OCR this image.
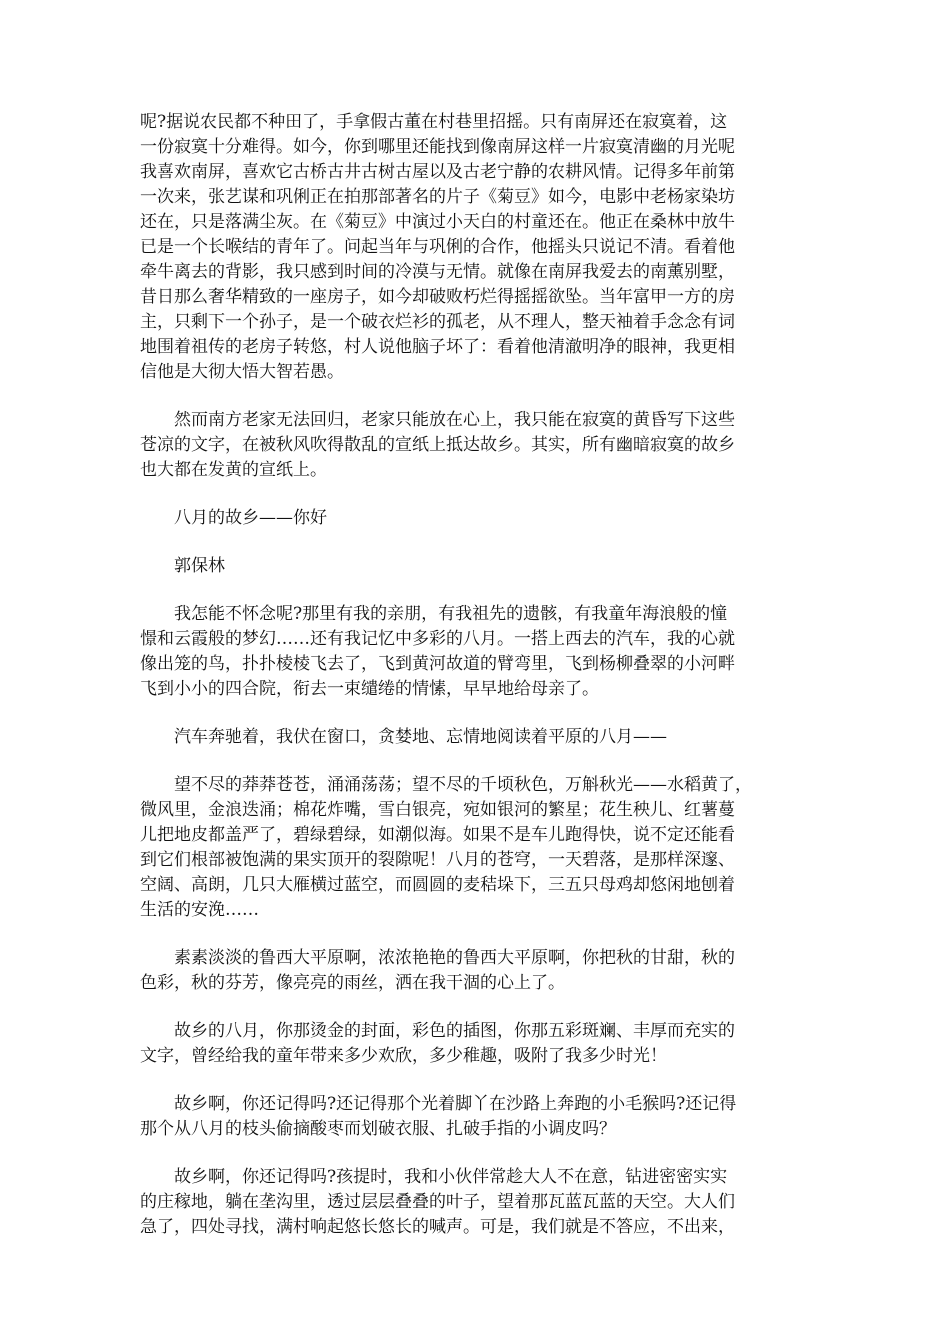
呢?据说农民都不种田了，手拿假古董在村巷里招摇。只有南屏还在寂寞着，这
一份寂寞十分难得。如今，你到哪里还能找到像南屏这样一片寂寞清幽的月光呢
我喜欢南屏，喜欢它古桥古井古树古屋以及古老宁静的农耕风情。记得多年前第
一次来，张艺谋和巩俐正在拍那部著名的片子《菊豆》如今，电影中老杨家染坊
还在，只是落满尘灰。在《菊豆》中演过小天白的村童还在。他正在桑林中放牛
已是一个长喉结的青年了。问起当年与巩俐的合作，他摇头只说记不清。看着他
牵牛离去的背影，我只感到时间的冷漠与无情。就像在南屏我爱去的南薰别墅，
昔日那么奢华精致的一座房子，如今却破败朽烂得摇摇欲坠。当年富甲一方的房
主，只剩下一个孙子，是一个破衣烂衫的孤老，从不理人，整天袖着手念念有词
地围着祖传的老房子转悠，村人说他脑子坏了：看着他清澈明净的眼神，我更相
信他是大彻大悟大智若愚。

然而南方老家无法回归，老家只能放在心上，我只能在寂寞的黄昏写下这些
苍凉的文字，在被秋风吹得散乱的宣纸上抵达故乡。其实，所有幽暗寂寞的故乡
也大都在发黄的宣纸上。

八月的故乡——你好

郭保林

我怎能不怀念呢?那里有我的亲朋，有我祖先的遗骸，有我童年海浪般的憧
憬和云霞般的梦幻……还有我记忆中多彩的八月。一搭上西去的汽车，我的心就
像出笼的鸟，扑扑棱棱飞去了，飞到黄河故道的臂弯里，飞到杨柳叠翠的小河畔
飞到小小的四合院，衔去一束缱绻的情愫，早早地给母亲了。

汽车奔驰着，我伏在窗口，贪婪地、忘情地阅读着平原的八月——

望不尽的莽莽苍苍，涌涌荡荡；望不尽的千顷秋色，万斛秋光——水稻黄了，
微风里，金浪迭涌；棉花炸嘴，雪白银亮，宛如银河的繁星；花生秧儿、红薯蔓
儿把地皮都盖严了，碧绿碧绿，如潮似海。如果不是车儿跑得快，说不定还能看
到它们根部被饱满的果实顶开的裂隙呢！八月的苍穹，一天碧落，是那样深邃、
空阔、高朗，几只大雁横过蓝空，而圆圆的麦秸垛下，三五只母鸡却悠闲地刨着
生活的安浼……

素素淡淡的鲁西大平原啊，浓浓艳艳的鲁西大平原啊，你把秋的甘甜，秋的
色彩，秋的芬芳，像亮亮的雨丝，洒在我干涸的心上了。

故乡的八月，你那烫金的封面，彩色的插图，你那五彩斑斓、丰厚而充实的
文字，曾经给我的童年带来多少欢欣，多少稚趣，吸附了我多少时光！

故乡啊，你还记得吗?还记得那个光着脚丫在沙路上奔跑的小毛猴吗?还记得
那个从八月的枝头偷摘酸枣而划破衣服、扎破手指的小调皮吗？

故乡啊，你还记得吗?孩提时，我和小伙伴常趁大人不在意，钻进密密实实
的庄稼地，躺在垄沟里，透过层层叠叠的叶子，望着那瓦蓝瓦蓝的天空。大人们
急了，四处寻找，满村响起悠长悠长的喊声。可是，我们就是不答应，不出来，
